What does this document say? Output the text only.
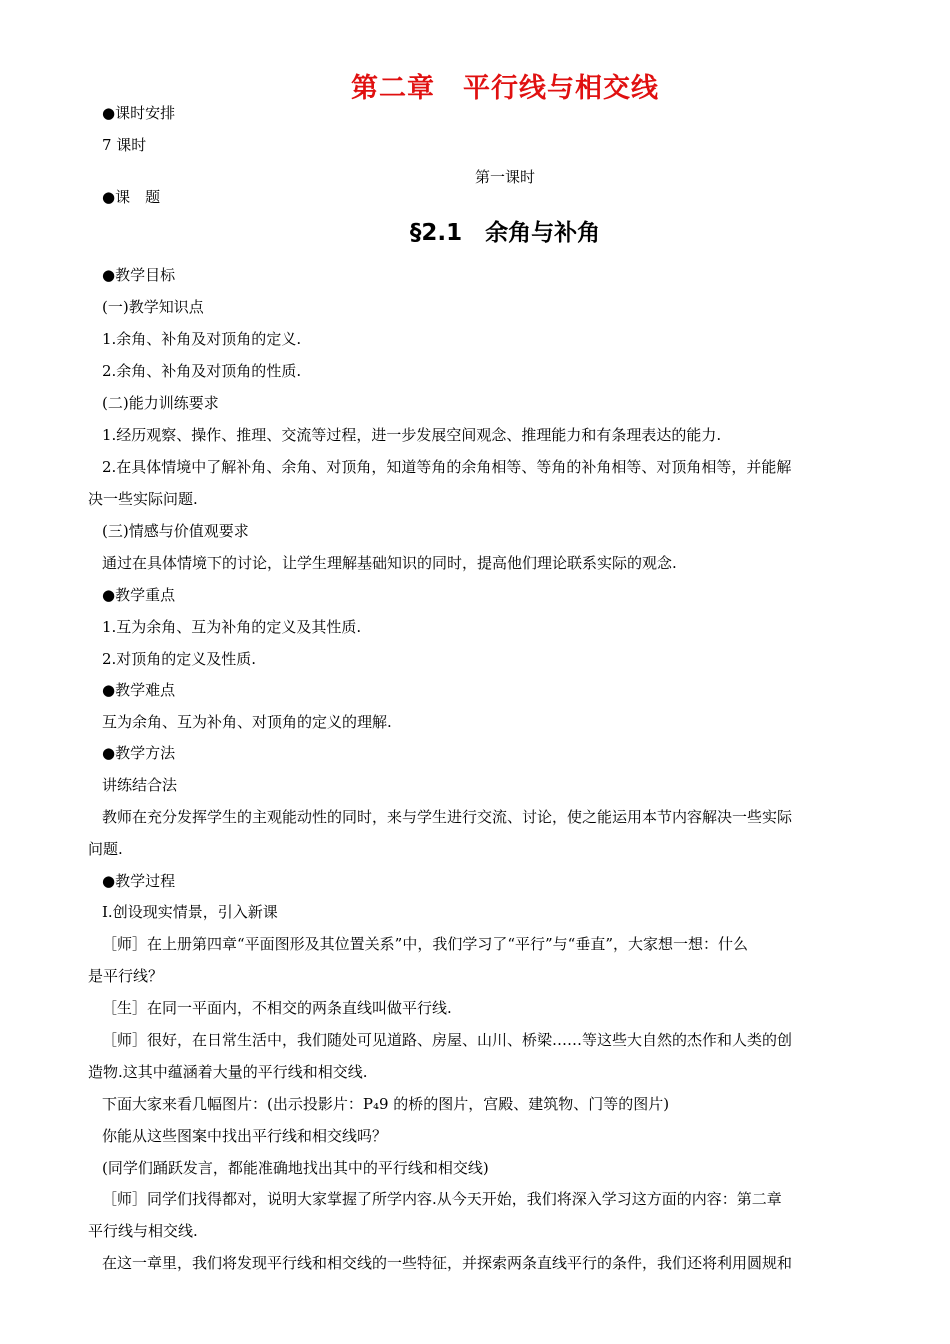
第二章　平行线与相交线
●课时安排
7 课时
第一课时
●课　题
§2.1　余角与补角
●教学目标
(一)教学知识点
1.余角、补角及对顶角的定义.
2.余角、补角及对顶角的性质.
(二)能力训练要求
1.经历观察、操作、推理、交流等过程，进一步发展空间观念、推理能力和有条理表达的能力.
2.在具体情境中了解补角、余角、对顶角，知道等角的余角相等、等角的补角相等、对顶角相等，并能解
决一些实际问题.
(三)情感与价值观要求
通过在具体情境下的讨论，让学生理解基础知识的同时，提高他们理论联系实际的观念.
●教学重点
1.互为余角、互为补角的定义及其性质.
2.对顶角的定义及性质.
●教学难点
互为余角、互为补角、对顶角的定义的理解.
●教学方法
讲练结合法
教师在充分发挥学生的主观能动性的同时，来与学生进行交流、讨论，使之能运用本节内容解决一些实际
问题.
●教学过程
Ⅰ.创设现实情景，引入新课
［师］在上册第四章“平面图形及其位置关系”中，我们学习了“平行”与“垂直”，大家想一想：什么
是平行线？
［生］在同一平面内，不相交的两条直线叫做平行线.
［师］很好，在日常生活中，我们随处可见道路、房屋、山川、桥梁……等这些大自然的杰作和人类的创
造物.这其中蕴涵着大量的平行线和相交线.
下面大家来看几幅图片：(出示投影片：P₄9 的桥的图片，宫殿、建筑物、门等的图片)
你能从这些图案中找出平行线和相交线吗？
(同学们踊跃发言，都能准确地找出其中的平行线和相交线)
［师］同学们找得都对，说明大家掌握了所学内容.从今天开始，我们将深入学习这方面的内容：第二章
平行线与相交线.
在这一章里，我们将发现平行线和相交线的一些特征，并探索两条直线平行的条件，我们还将利用圆规和
